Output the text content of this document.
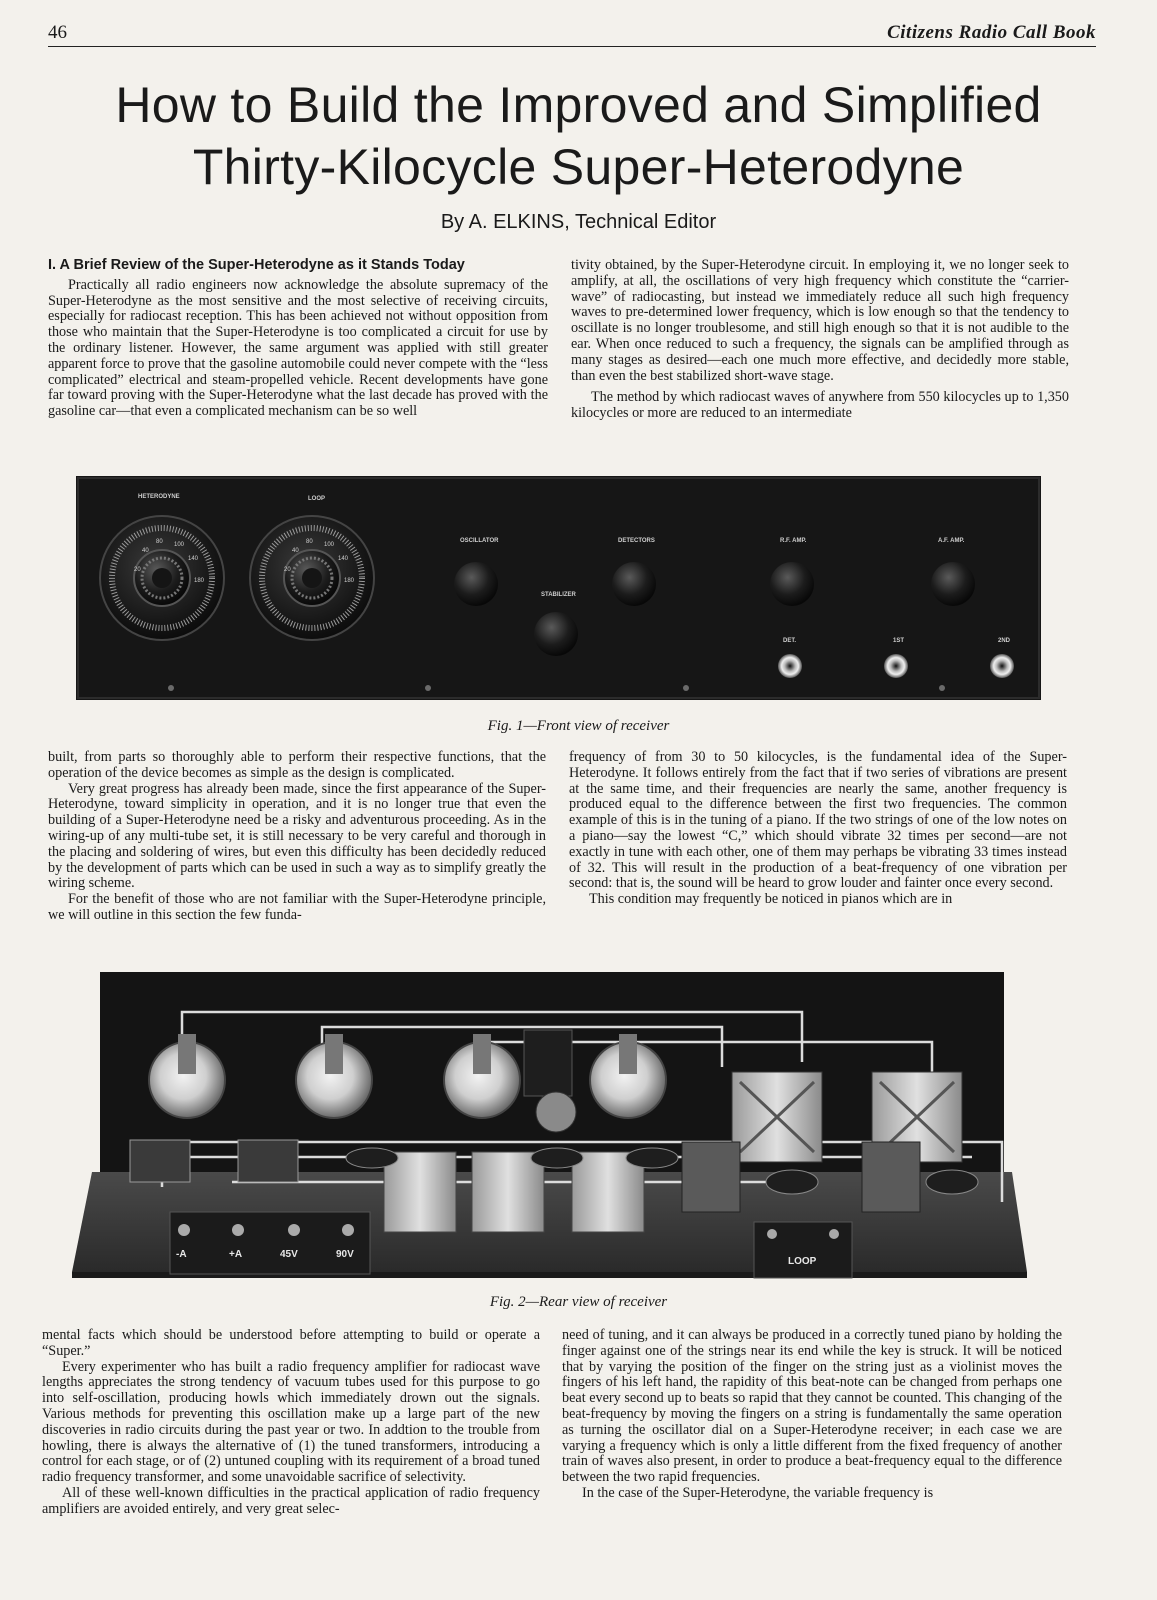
46	Citizens Radio Call Book
How to Build the Improved and Simplified
Thirty-Kilocycle Super-Heterodyne
By A. ELKINS, Technical Editor
I. A Brief Review of the Super-Heterodyne as it Stands Today

Practically all radio engineers now acknowledge the absolute supremacy of the Super-Heterodyne as the most sensitive and the most selective of receiving circuits, especially for radiocast reception. This has been achieved not without opposition from those who maintain that the Super-Heterodyne is too complicated a circuit for use by the ordinary listener. However, the same argument was applied with still greater apparent force to prove that the gasoline automobile could never compete with the “less complicated” electrical and steam-propelled vehicle. Recent developments have gone far toward proving with the Super-Heterodyne what the last decade has proved with the gasoline car—that even a complicated mechanism can be so well

tivity obtained, by the Super-Heterodyne circuit. In employing it, we no longer seek to amplify, at all, the oscillations of very high frequency which constitute the “carrier-wave” of radiocasting, but instead we immediately reduce all such high frequency waves to pre-determined lower frequency, which is low enough so that the tendency to oscillate is no longer troublesome, and still high enough so that it is not audible to the ear. When once reduced to such a frequency, the signals can be amplified through as many stages as desired—each one much more effective, and decidedly more stable, than even the best stabilized short-wave stage.

The method by which radiocast waves of anywhere from 550 kilocycles up to 1,350 kilocycles or more are reduced to an intermediate

20
40
80 100
140
180
20
40
80 100
140
180
HETERODYNE	LOOP
OSCILLATOR	DETECTORS	R.F. AMP.	A.F. AMP.
STABILIZER
DET.	1ST	2ND
Fig. 1—Front view of receiver

built, from parts so thoroughly able to perform their respective functions, that the operation of the device becomes as simple as the design is complicated.

Very great progress has already been made, since the first appearance of the Super-Heterodyne, toward simplicity in operation, and it is no longer true that even the building of a Super-Heterodyne need be a risky and adventurous proceeding. As in the wiring-up of any multi-tube set, it is still necessary to be very careful and thorough in the placing and soldering of wires, but even this difficulty has been decidedly reduced by the development of parts which can be used in such a way as to simplify greatly the wiring scheme.

For the benefit of those who are not familiar with the Super-Heterodyne principle, we will outline in this section the few funda-

frequency of from 30 to 50 kilocycles, is the fundamental idea of the Super-Heterodyne. It follows entirely from the fact that if two series of vibrations are present at the same time, and their frequencies are nearly the same, another frequency is produced equal to the difference between the first two frequencies. The common example of this is in the tuning of a piano. If the two strings of one of the low notes on a piano—say the lowest “C,” which should vibrate 32 times per second—are not exactly in tune with each other, one of them may perhaps be vibrating 33 times instead of 32. This will result in the production of a beat-frequency of one vibration per second: that is, the sound will be heard to grow louder and fainter once every second.

This condition may frequently be noticed in pianos which are in

-A	+A	45V	90V
LOOP
Fig. 2—Rear view of receiver

mental facts which should be understood before attempting to build or operate a “Super.”

Every experimenter who has built a radio frequency amplifier for radiocast wave lengths appreciates the strong tendency of vacuum tubes used for this purpose to go into self-oscillation, producing howls which immediately drown out the signals. Various methods for preventing this oscillation make up a large part of the new discoveries in radio circuits during the past year or two. In addtion to the trouble from howling, there is always the alternative of (1) the tuned transformers, introducing a control for each stage, or of (2) untuned coupling with its requirement of a broad tuned radio frequency transformer, and some unavoidable sacrifice of selectivity.

All of these well-known difficulties in the practical application of radio frequency amplifiers are avoided entirely, and very great selec-

need of tuning, and it can always be produced in a correctly tuned piano by holding the finger against one of the strings near its end while the key is struck. It will be noticed that by varying the position of the finger on the string just as a violinist moves the fingers of his left hand, the rapidity of this beat-note can be changed from perhaps one beat every second up to beats so rapid that they cannot be counted. This changing of the beat-frequency by moving the fingers on a string is fundamentally the same operation as turning the oscillator dial on a Super-Heterodyne receiver; in each case we are varying a frequency which is only a little different from the fixed frequency of another train of waves also present, in order to produce a beat-frequency equal to the difference between the two rapid frequencies.

In the case of the Super-Heterodyne, the variable frequency is
